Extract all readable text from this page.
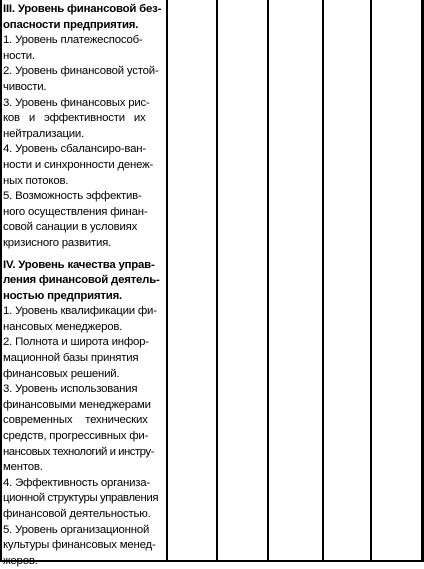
III. Уровень финансовой без-
опасности предприятия.
1. Уровень платежеспособ-
ности.
2. Уровень финансовой устой-
чивости.
3. Уровень финансовых рис-
ков и эффективности их
нейтрализации.
4. Уровень сбалансиро-ван-
ности и синхронности денеж-
ных потоков.
5. Возможность эффектив-
ного осуществления финан-
совой санации в условиях
кризисного развития.
IV. Уровень качества управ-
ления финансовой деятель-
ностью предприятия.
1. Уровень квалификации фи-
нансовых менеджеров.
2. Полнота и широта инфор-
мационной базы принятия
финансовых решений.
3. Уровень использования
финансовыми менеджерами
современных технических
средств, прогрессивных фи-
нансовых технологий и инстру-
ментов.
4. Эффективность организа-
ционной структуры управления
финансовой деятельностью.
5. Уровень организационной
культуры финансовых менед-
жеров.
